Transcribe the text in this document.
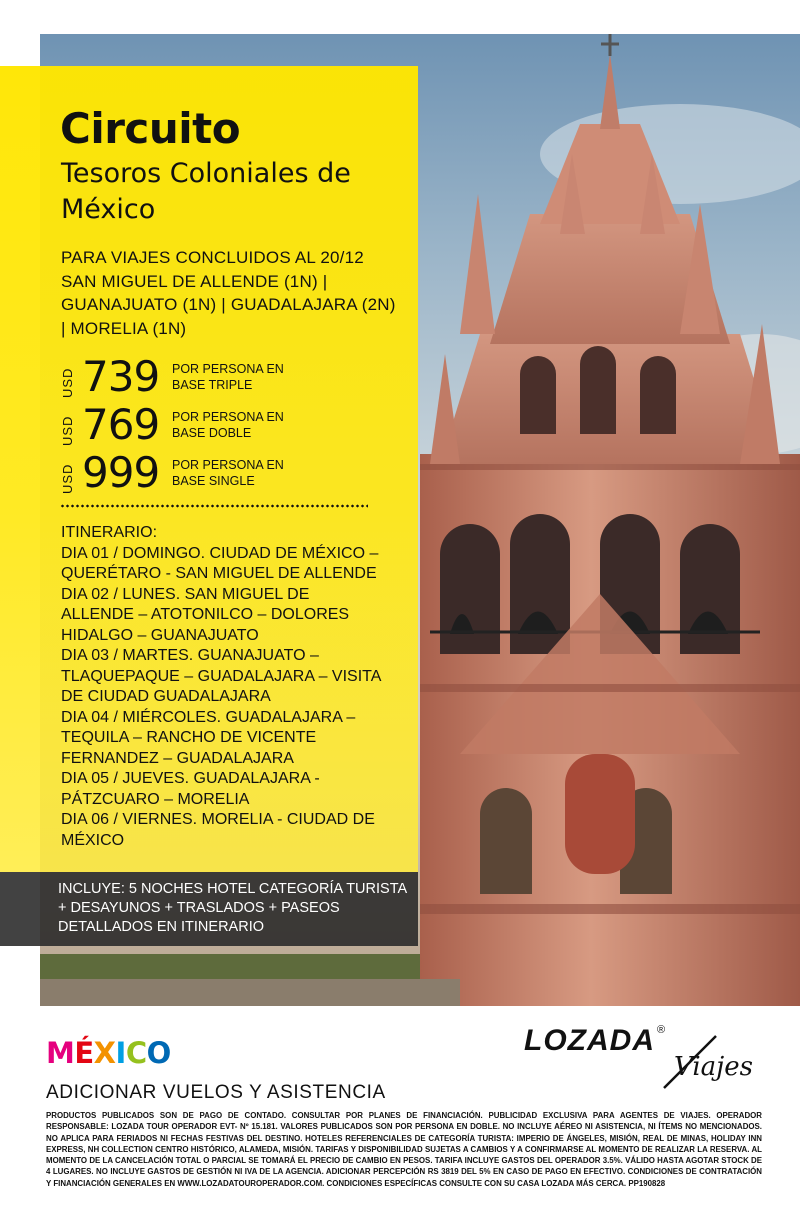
Circuito
Tesoros Coloniales de México
PARA VIAJES CONCLUIDOS AL 20/12 SAN MIGUEL DE ALLENDE (1N) | GUANAJUATO (1N) | GUADALAJARA (2N) | MORELIA (1N)
USD 739 POR PERSONA EN BASE TRIPLE
USD 769 POR PERSONA EN BASE DOBLE
USD 999 POR PERSONA EN BASE SINGLE
ITINERARIO:
DIA 01 / DOMINGO. CIUDAD DE MÉXICO – QUERÉTARO - SAN MIGUEL DE ALLENDE
DIA 02 / LUNES. SAN MIGUEL DE ALLENDE – ATOTONILCO – DOLORES HIDALGO – GUANAJUATO
DIA 03 / MARTES. GUANAJUATO – TLAQUEPAQUE – GUADALAJARA – VISITA DE CIUDAD GUADALAJARA
DIA 04 / MIÉRCOLES. GUADALAJARA – TEQUILA – RANCHO DE VICENTE FERNANDEZ – GUADALAJARA
DIA 05 / JUEVES. GUADALAJARA - PÁTZCUARO – MORELIA
DIA 06 / VIERNES. MORELIA - CIUDAD DE MÉXICO
INCLUYE: 5 NOCHES HOTEL CATEGORÍA TURISTA + DESAYUNOS + TRASLADOS + PASEOS DETALLADOS EN ITINERARIO
MÉXICO	LOZADA ®
Viajes
ADICIONAR VUELOS Y ASISTENCIA
PRODUCTOS PUBLICADOS SON DE PAGO DE CONTADO. CONSULTAR POR PLANES DE FINANCIACIÓN. PUBLICIDAD EXCLUSIVA PARA AGENTES DE VIAJES. OPERADOR RESPONSABLE: LOZADA TOUR OPERADOR EVT- Nº 15.181. VALORES PUBLICADOS SON POR PERSONA EN DOBLE. NO INCLUYE AÉREO NI ASISTENCIA, NI ÍTEMS NO MENCIONADOS. NO APLICA PARA FERIADOS NI FECHAS FESTIVAS DEL DESTINO. HOTELES REFERENCIALES DE CATEGORÍA TURISTA: IMPERIO DE ÁNGELES, MISIÓN, REAL DE MINAS, HOLIDAY INN EXPRESS, NH COLLECTION CENTRO HISTÓRICO, ALAMEDA, MISIÓN. TARIFAS Y DISPONIBILIDAD SUJETAS A CAMBIOS Y A CONFIRMARSE AL MOMENTO DE REALIZAR LA RESERVA. AL MOMENTO DE LA CANCELACIÓN TOTAL O PARCIAL SE TOMARÁ EL PRECIO DE CAMBIO EN PESOS. TARIFA INCLUYE GASTOS DEL OPERADOR 3.5%. VÁLIDO HASTA AGOTAR STOCK DE 4 LUGARES. NO INCLUYE GASTOS DE GESTIÓN NI IVA DE LA AGENCIA. ADICIONAR PERCEPCIÓN RS 3819 DEL 5% EN CASO DE PAGO EN EFECTIVO. CONDICIONES DE CONTRATACIÓN Y FINANCIACIÓN GENERALES EN WWW.LOZADATOUROPERADOR.COM. CONDICIONES ESPECÍFICAS CONSULTE CON SU CASA LOZADA MÁS CERCA. PP190828
